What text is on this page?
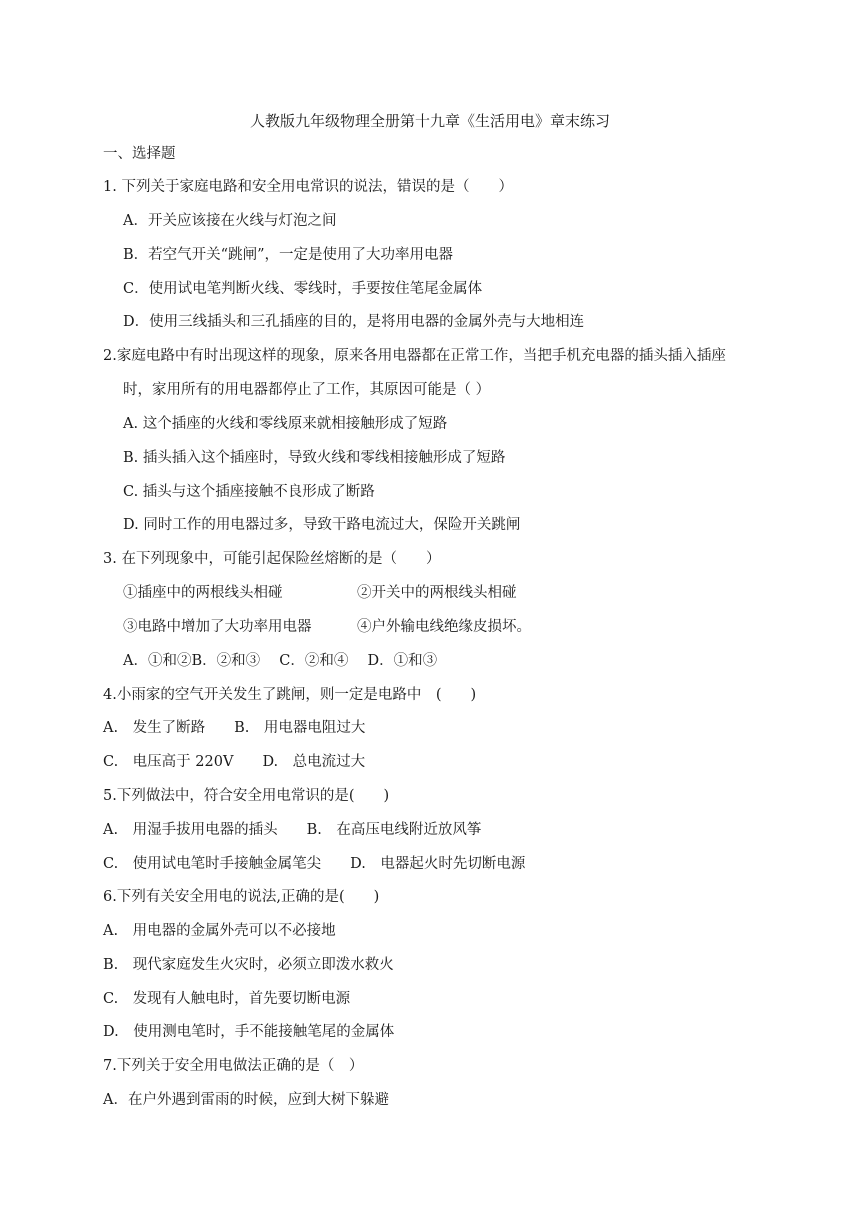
人教版九年级物理全册第十九章《生活用电》章末练习
一、选择题
1. 下列关于家庭电路和安全用电常识的说法，错误的是（　　）
A．开关应该接在火线与灯泡之间
B．若空气开关“跳闸”，一定是使用了大功率用电器
C．使用试电笔判断火线、零线时，手要按住笔尾金属体
D．使用三线插头和三孔插座的目的，是将用电器的金属外壳与大地相连
2.家庭电路中有时出现这样的现象，原来各用电器都在正常工作，当把手机充电器的插头插入插座
时，家用所有的用电器都停止了工作，其原因可能是（ ）
A. 这个插座的火线和零线原来就相接触形成了短路
B. 插头插入这个插座时，导致火线和零线相接触形成了短路
C. 插头与这个插座接触不良形成了断路
D. 同时工作的用电器过多，导致干路电流过大，保险开关跳闸
3. 在下列现象中，可能引起保险丝熔断的是（　　）
①插座中的两根线头相碰	②开关中的两根线头相碰
③电路中增加了大功率用电器	④户外输电线绝缘皮损坏。
A．①和②B．②和③　 C．②和④　 D．①和③
4.小雨家的空气开关发生了跳闸，则一定是电路中　(　　)
A.　发生了断路　　B.　用电器电阻过大
C.　电压高于 220V　　D.　总电流过大
5.下列做法中，符合安全用电常识的是(　　)
A.　用湿手拔用电器的插头　　B.　在高压电线附近放风筝
C.　使用试电笔时手接触金属笔尖　　D.　电器起火时先切断电源
6.下列有关安全用电的说法,正确的是(　　)
A.　用电器的金属外壳可以不必接地
B.　现代家庭发生火灾时，必须立即泼水救火
C.　发现有人触电时，首先要切断电源
D.　使用测电笔时，手不能接触笔尾的金属体
7.下列关于安全用电做法正确的是（　）
A．在户外遇到雷雨的时候，应到大树下躲避
